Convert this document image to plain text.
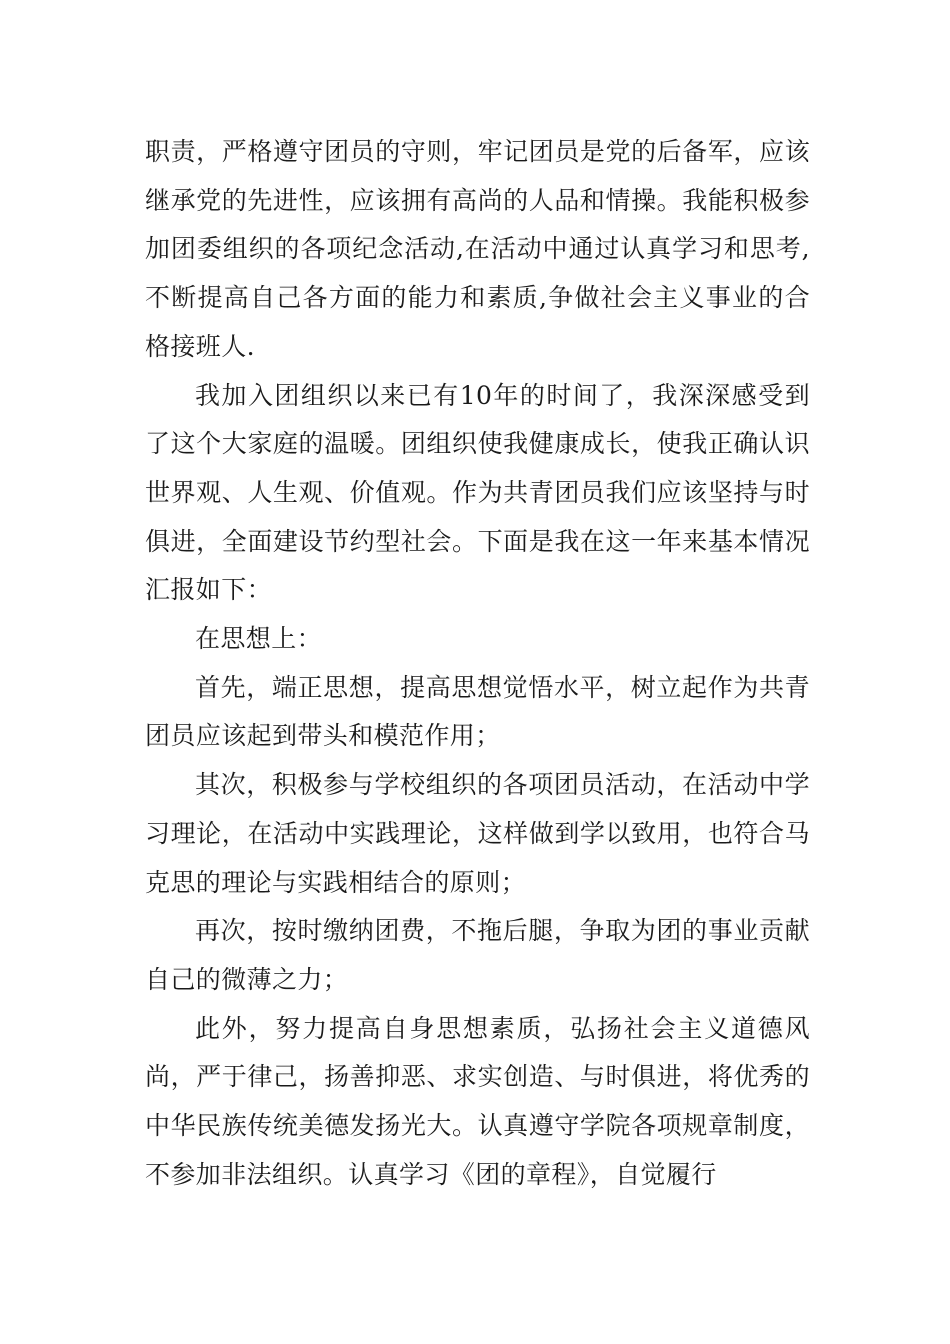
职责，严格遵守团员的守则，牢记团员是党的后备军，应该继承党的先进性，应该拥有高尚的人品和情操。我能积极参加团委组织的各项纪念活动,在活动中通过认真学习和思考,不断提高自己各方面的能力和素质,争做社会主义事业的合格接班人.

我加入团组织以来已有10年的时间了，我深深感受到了这个大家庭的温暖。团组织使我健康成长，使我正确认识世界观、人生观、价值观。作为共青团员我们应该坚持与时俱进，全面建设节约型社会。下面是我在这一年来基本情况汇报如下：

在思想上：

首先，端正思想，提高思想觉悟水平，树立起作为共青团员应该起到带头和模范作用；

其次，积极参与学校组织的各项团员活动，在活动中学习理论，在活动中实践理论，这样做到学以致用，也符合马克思的理论与实践相结合的原则；

再次，按时缴纳团费，不拖后腿，争取为团的事业贡献自己的微薄之力；

此外，努力提高自身思想素质，弘扬社会主义道德风尚，严于律己，扬善抑恶、求实创造、与时俱进，将优秀的中华民族传统美德发扬光大。认真遵守学院各项规章制度，不参加非法组织。认真学习《团的章程》，自觉履行
